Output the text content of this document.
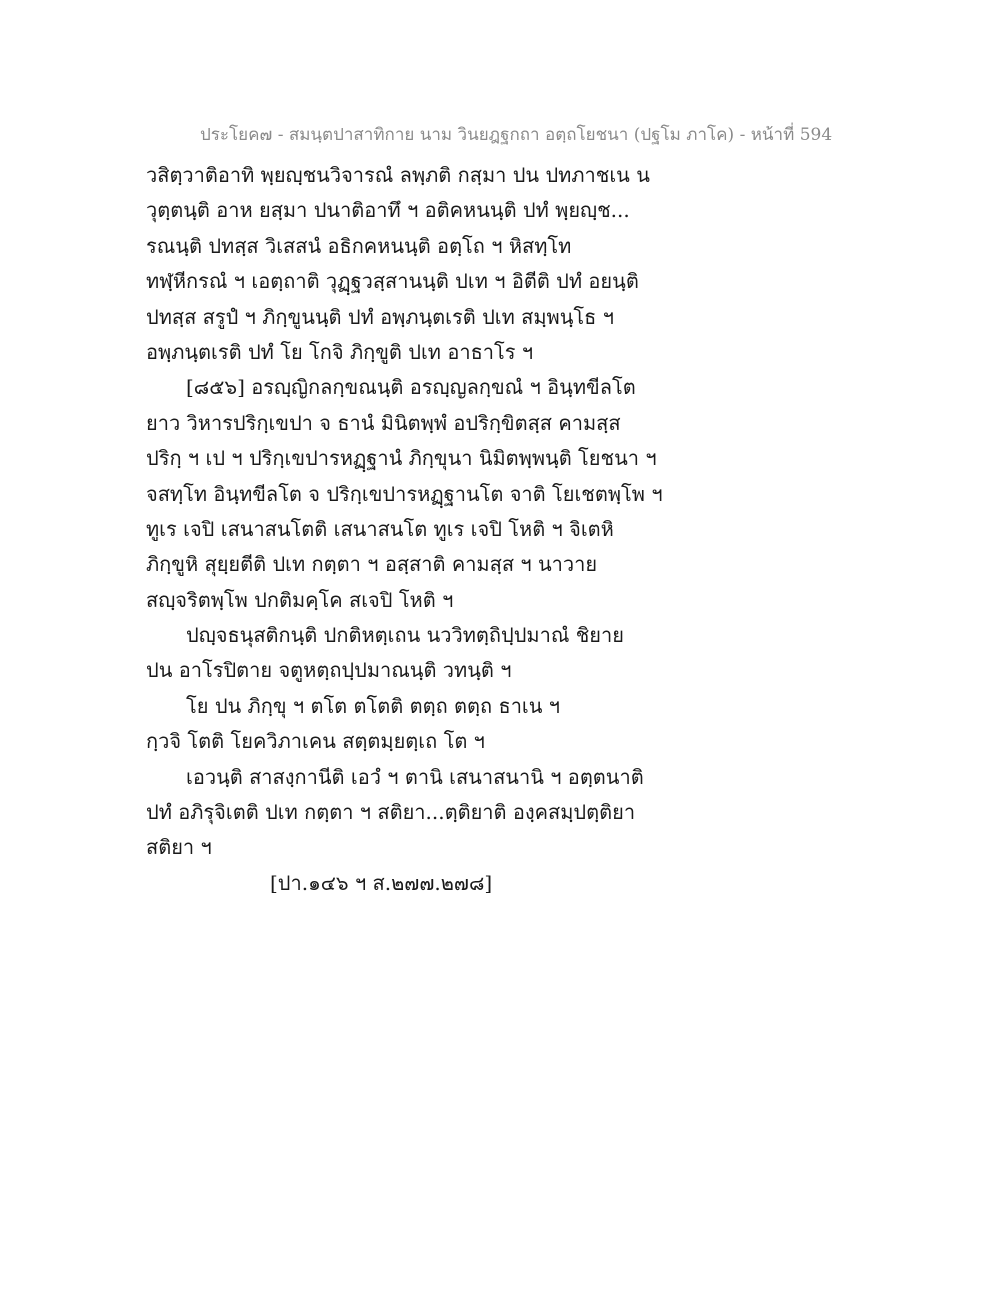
ประโยค๗ - สมนฺตปาสาทิกาย นาม วินยฎฐกถา อตฺถโยชนา (ปฐโม ภาโค) - หน้าที่ 594
วสิตฺวาติอาทิ พฺยญฺชนวิจารณํ ลพฺภติ กสฺมา ปน ปทภาชเน น
วุตฺตนฺติ อาห ยสฺมา ปนาติอาทึ ฯ อติคหนนฺติ ปทํ พฺยญฺช...
รณนฺติ ปทสฺส วิเสสนํ อธิกคหนนฺติ อตฺโถ ฯ หิสทฺโท
ทฬฺหีกรณํ ฯ เอตฺถาติ วุฏฺฐวสฺสานนฺติ ปเท ฯ อิตีติ ปทํ อยนฺติ
ปทสฺส สรูปํ ฯ ภิกฺขูนนฺติ ปทํ อพฺภนฺตเรติ ปเท สมฺพนฺโธ ฯ
อพฺภนฺตเรติ ปทํ โย โกจิ ภิกฺขูติ ปเท อาธาโร ฯ
[๘๕๖] อรญฺญิกลกฺขณนฺติ อรญฺญลกฺขณํ ฯ อินฺทขีลโต
ยาว วิหารปริกฺเขปา จ ธานํ มินิตพฺพํ อปริกฺขิตสฺส คามสฺส
ปริกฺ ฯ เป ฯ ปริกฺเขปารหฏฺฐานํ ภิกฺขุนา นิมิตพฺพนฺติ โยชนา ฯ
จสทฺโท อินฺทขีลโต จ ปริกฺเขปารหฏฺฐานโต จาติ โยเชตพฺโพ ฯ
ทูเร เจปิ เสนาสนโตติ เสนาสนโต ทูเร เจปิ โหติ ฯ จิเตหิ
ภิกฺขูหิ สุยฺยตีติ ปเท กตฺตา ฯ อสฺสาติ คามสฺส ฯ นาวาย
สญฺจริตพฺโพ ปกติมคฺโค สเจปิ โหติ ฯ
ปญฺจธนุสติกนฺติ ปกติหตฺเถน นววิทตฺถิปฺปมาณํ ชิยาย
ปน อาโรปิตาย จตูหตฺถปฺปมาณนฺติ วทนฺติ ฯ
โย ปน ภิกฺขุ ฯ ตโต ตโตติ ตตฺถ ตตฺถ ธาเน ฯ
กฺวจิ โตติ โยควิภาเคน สตฺตมฺยตฺเถ โต ฯ
เอวนฺติ สาสงฺกานีติ เอวํ ฯ ตานิ เสนาสนานิ ฯ อตฺตนาติ
ปทํ อภิรุจิเตติ ปเท กตฺตา ฯ สติยา...ตฺติยาติ องฺคสมฺปตฺติยา
สติยา ฯ
[ปา.๑๔๖ ฯ ส.๒๗๗.๒๗๘]
